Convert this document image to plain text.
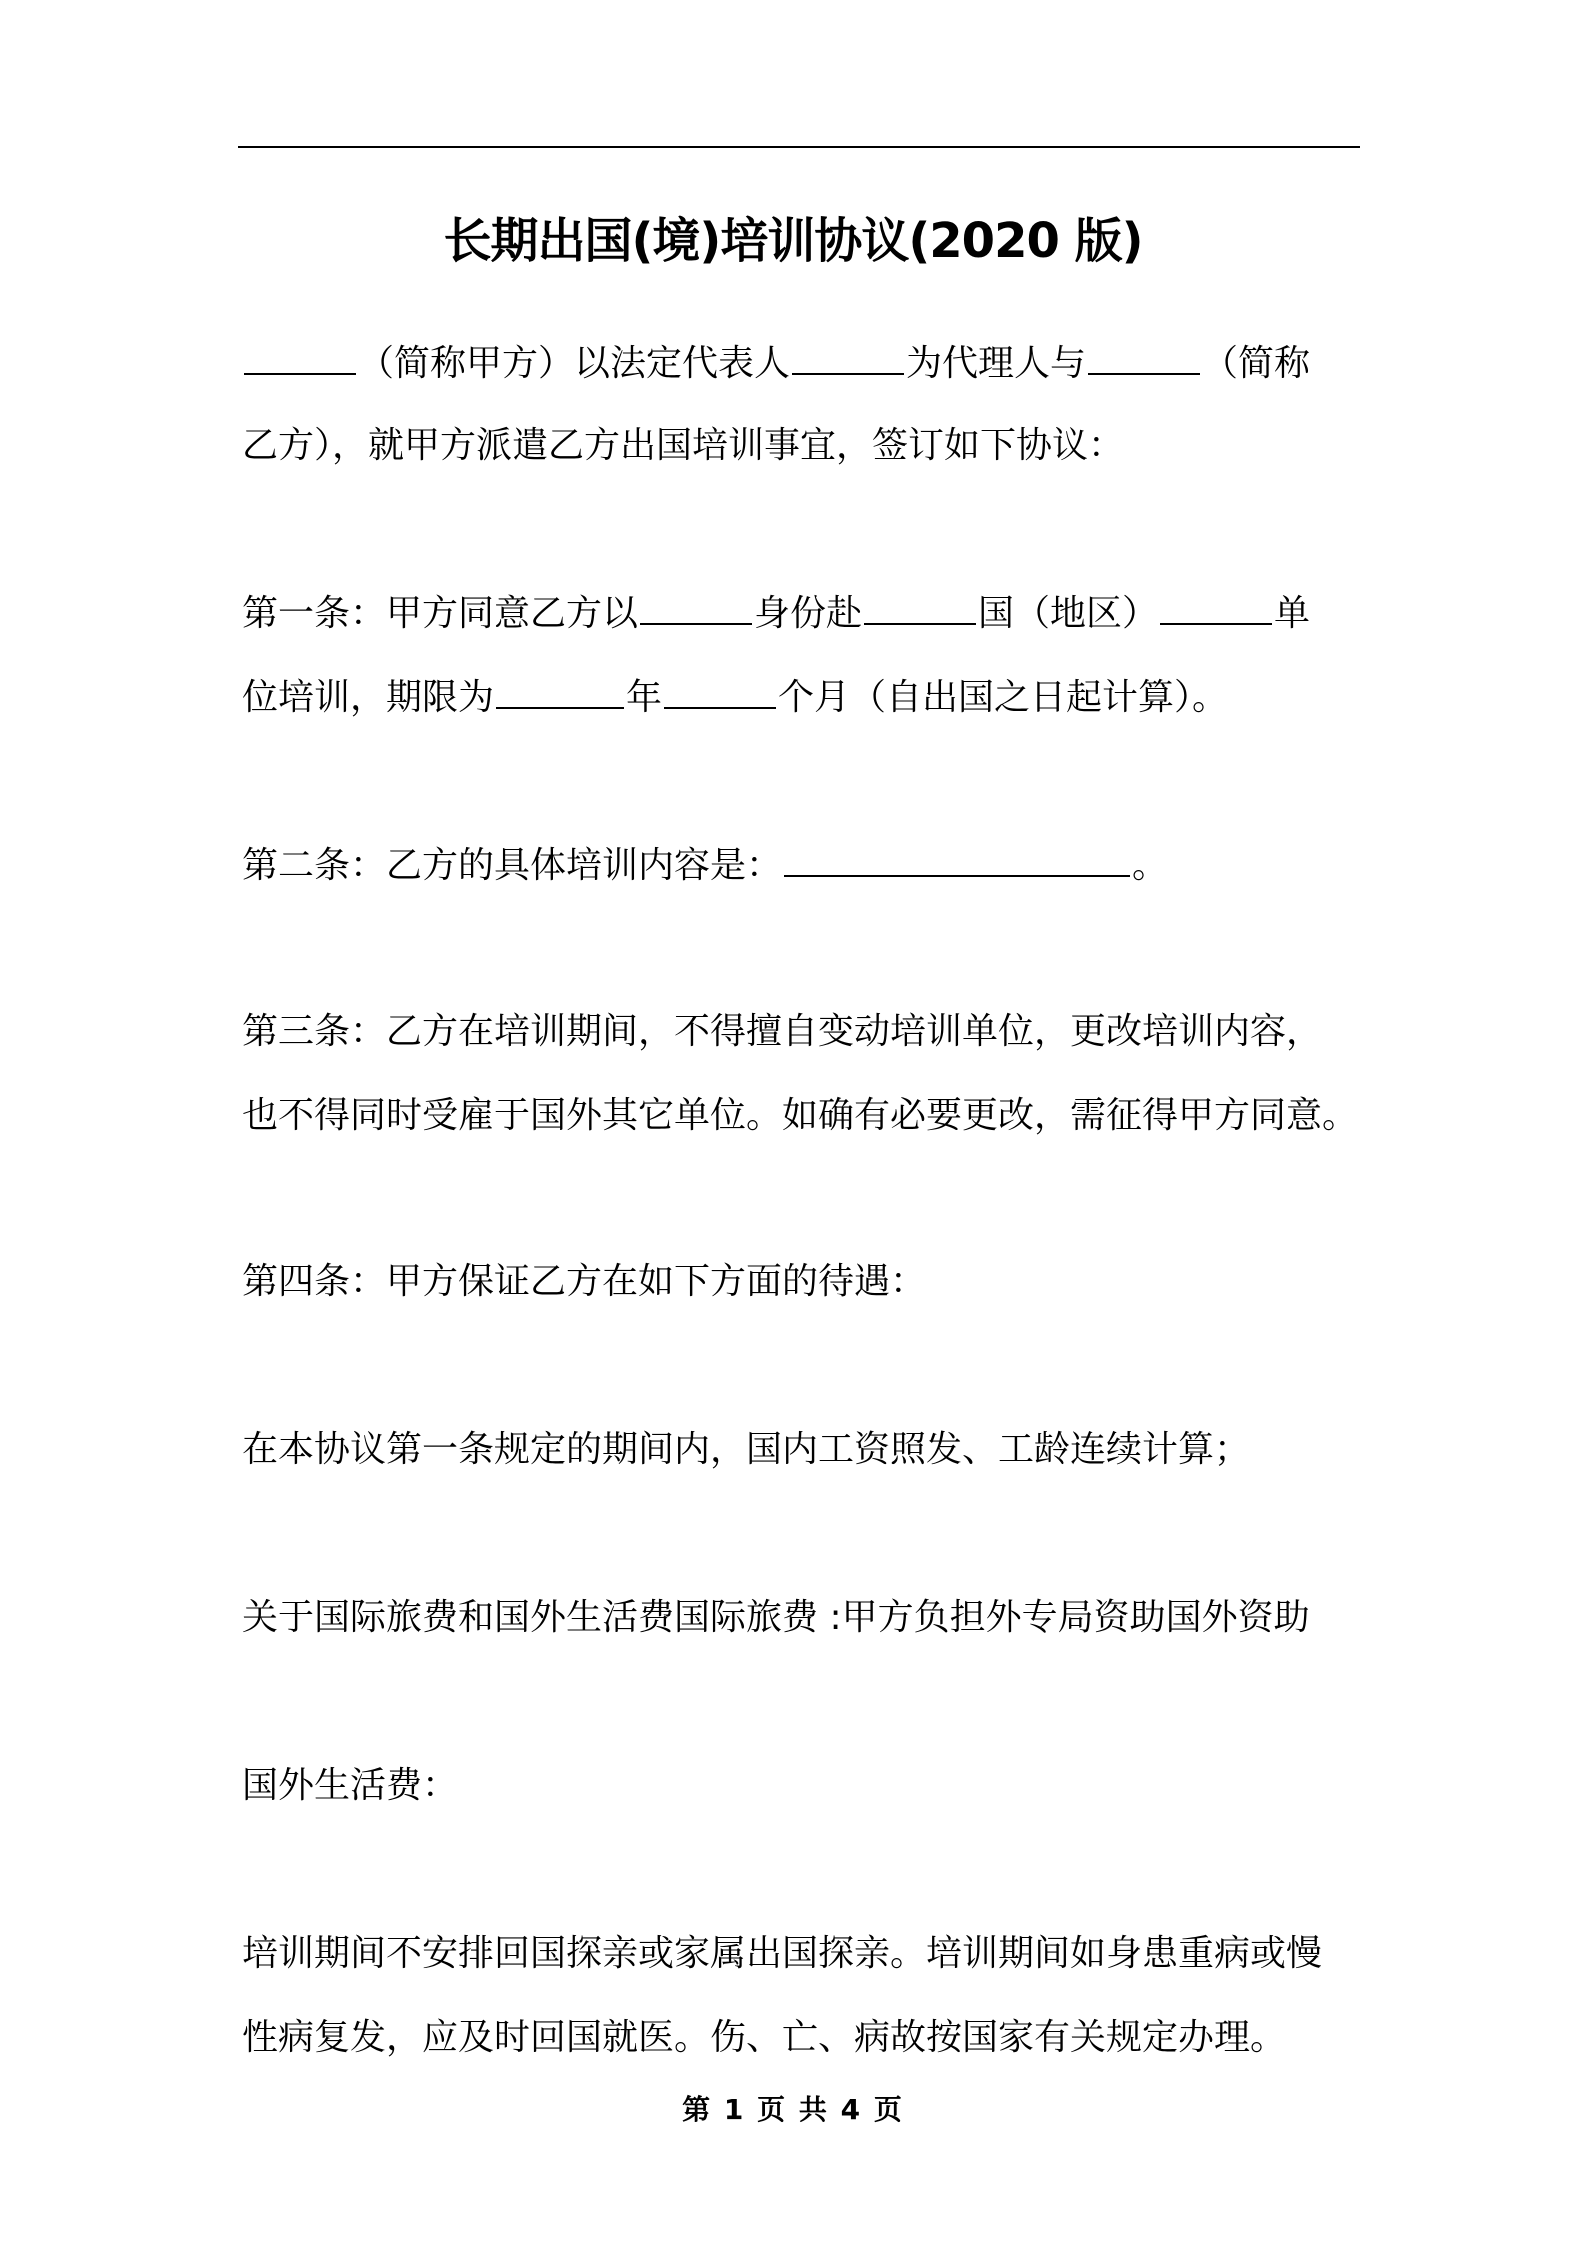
长期出国(境)培训协议(2020 版)
（简称甲方）以法定代表人	为代理人与	（简称
乙方），就甲方派遣乙方出国培训事宜，签订如下协议：
第一条：甲方同意乙方以	身份赴	国（地区）	单
位培训，期限为	年	个月（自出国之日起计算）。
第二条：乙方的具体培训内容是：	。
第三条：乙方在培训期间，不得擅自变动培训单位，更改培训内容，
也不得同时受雇于国外其它单位。如确有必要更改，需征得甲方同意。
第四条：甲方保证乙方在如下方面的待遇：
在本协议第一条规定的期间内，国内工资照发、工龄连续计算；
关于国际旅费和国外生活费国际旅费 :甲方负担外专局资助国外资助
国外生活费：
培训期间不安排回国探亲或家属出国探亲。培训期间如身患重病或慢
性病复发，应及时回国就医。伤、亡、病故按国家有关规定办理。
第 1 页 共 4 页
